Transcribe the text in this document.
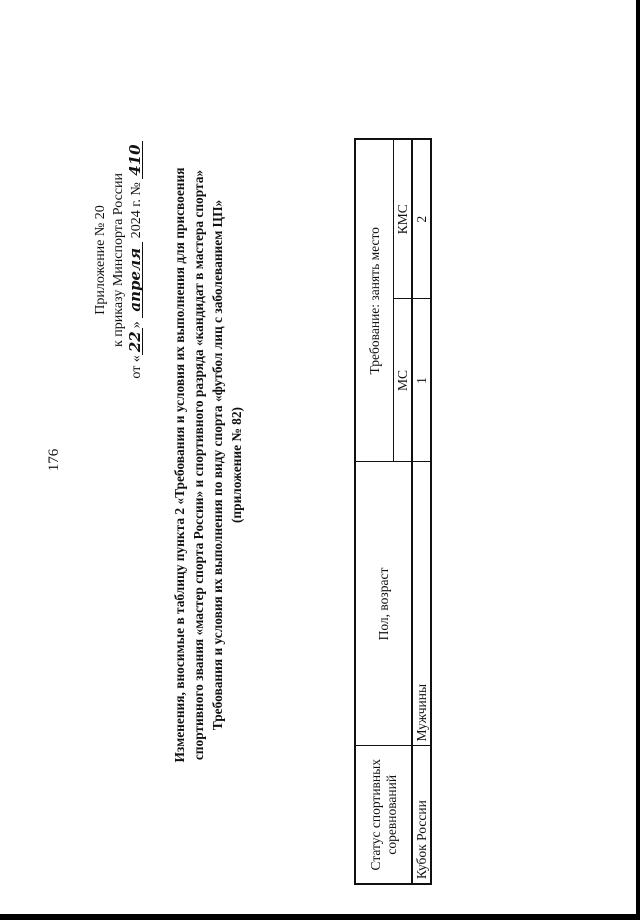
176
Приложение № 20 к приказу Минспорта России
от «22» апреля 2024 г. № 410

Изменения, вносимые в таблицу пункта 2 «Требования и условия их выполнения для присвоения спортивного звания «мастер спорта России» и спортивного разряда «кандидат в мастера спорта» Требования и условия их выполнения по виду спорта «футбол лиц с заболеванием ЦП» (приложение № 82)

Статус спортивных соревнований	Пол, возраст	Требование: занять место	
		МС	КМС
Кубок России	Мужчины	1	2
